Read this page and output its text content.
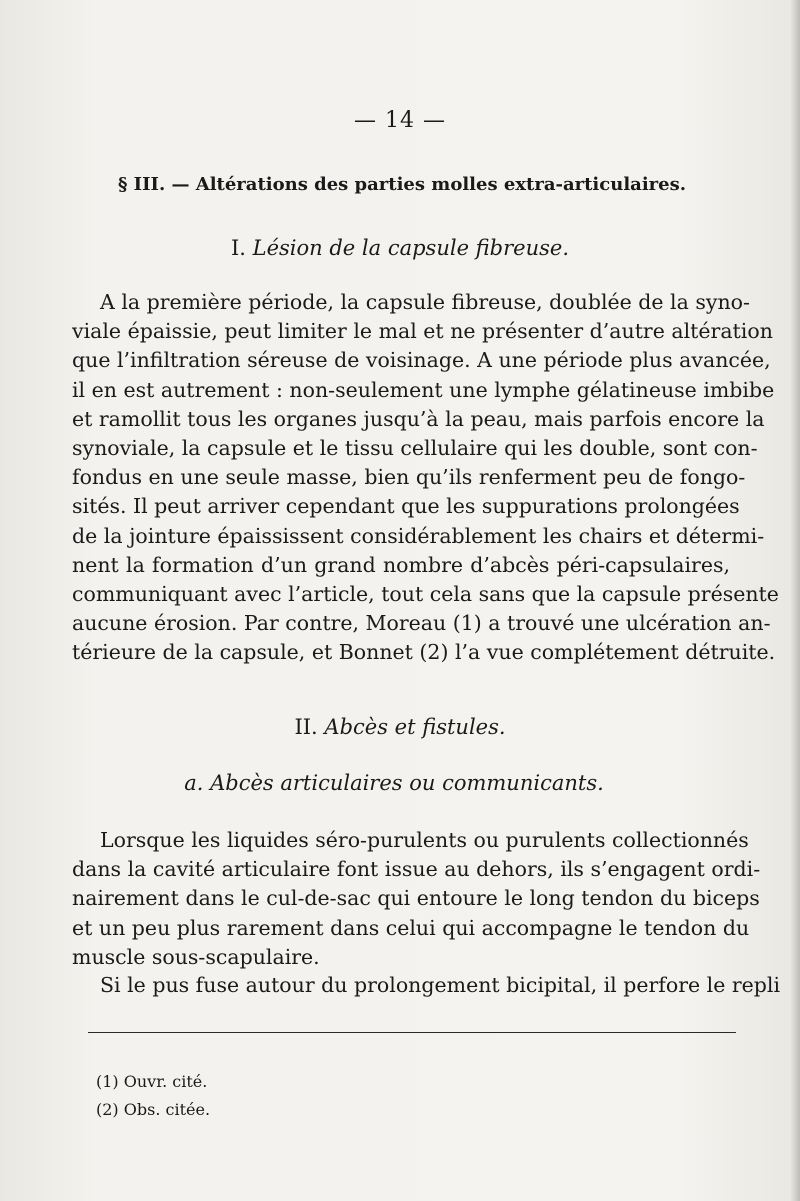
— 14 —
§ III. — Altérations des parties molles extra-articulaires.
I. Lésion de la capsule fibreuse.
A la première période, la capsule fibreuse, doublée de la syno-
viale épaissie, peut limiter le mal et ne présenter d’autre altération
que l’infiltration séreuse de voisinage. A une période plus avancée,
il en est autrement : non-seulement une lymphe gélatineuse imbibe
et ramollit tous les organes jusqu’à la peau, mais parfois encore la
synoviale, la capsule et le tissu cellulaire qui les double, sont con-
fondus en une seule masse, bien qu’ils renferment peu de fongo-
sités. Il peut arriver cependant que les suppurations prolongées
de la jointure épaississent considérablement les chairs et détermi-
nent la formation d’un grand nombre d’abcès péri-capsulaires,
communiquant avec l’article, tout cela sans que la capsule présente
aucune érosion. Par contre, Moreau (1) a trouvé une ulcération an-
térieure de la capsule, et Bonnet (2) l’a vue complétement détruite.
II. Abcès et fistules.
a. Abcès articulaires ou communicants.
Lorsque les liquides séro-purulents ou purulents collectionnés
dans la cavité articulaire font issue au dehors, ils s’engagent ordi-
nairement dans le cul-de-sac qui entoure le long tendon du biceps
et un peu plus rarement dans celui qui accompagne le tendon du
muscle sous-scapulaire.
Si le pus fuse autour du prolongement bicipital, il perfore le repli
(1) Ouvr. cité.
(2) Obs. citée.
